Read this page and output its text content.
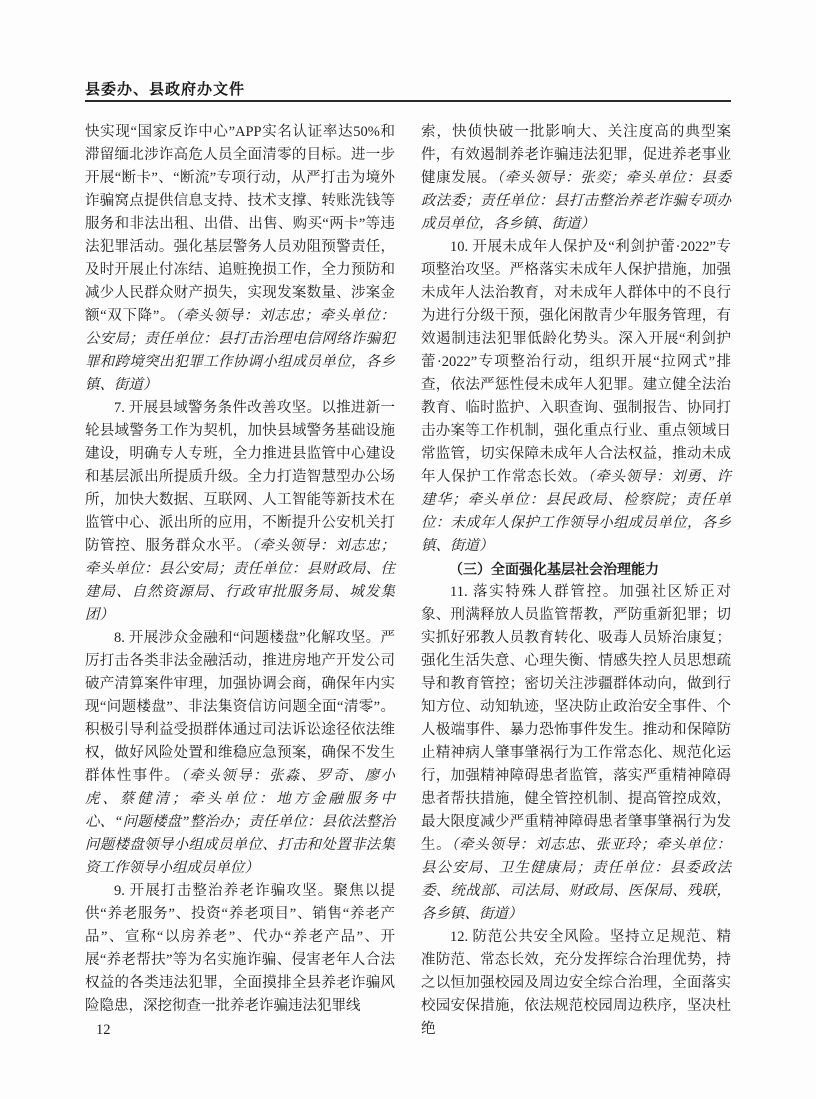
县委办、县政府办文件

快实现“国家反诈中心”APP实名认证率达50%和滞留缅北涉诈高危人员全面清零的目标。进一步开展“断卡”、“断流”专项行动，从严打击为境外诈骗窝点提供信息支持、技术支撑、转账洗钱等服务和非法出租、出借、出售、购买“两卡”等违法犯罪活动。强化基层警务人员劝阻预警责任，及时开展止付冻结、追赃挽损工作，全力预防和减少人民群众财产损失，实现发案数量、涉案金额“双下降”。（牵头领导：刘志忠；牵头单位：公安局；责任单位：县打击治理电信网络诈骗犯罪和跨境突出犯罪工作协调小组成员单位，各乡镇、街道）

7. 开展县域警务条件改善攻坚。以推进新一轮县域警务工作为契机，加快县域警务基础设施建设，明确专人专班，全力推进县监管中心建设和基层派出所提质升级。全力打造智慧型办公场所，加快大数据、互联网、人工智能等新技术在监管中心、派出所的应用，不断提升公安机关打防管控、服务群众水平。（牵头领导：刘志忠；牵头单位：县公安局；责任单位：县财政局、住建局、自然资源局、行政审批服务局、城发集团）

8. 开展涉众金融和“问题楼盘”化解攻坚。严厉打击各类非法金融活动，推进房地产开发公司破产清算案件审理，加强协调会商，确保年内实现“问题楼盘”、非法集资信访问题全面“清零”。积极引导利益受损群体通过司法诉讼途径依法维权，做好风险处置和维稳应急预案，确保不发生群体性事件。（牵头领导：张淼、罗奇、廖小虎、蔡健清；牵头单位：地方金融服务中心、“问题楼盘”整治办；责任单位：县依法整治问题楼盘领导小组成员单位、打击和处置非法集资工作领导小组成员单位）

9. 开展打击整治养老诈骗攻坚。聚焦以提供“养老服务”、投资“养老项目”、销售“养老产品”、宣称“以房养老”、代办“养老产品”、开展“养老帮扶”等为名实施诈骗、侵害老年人合法权益的各类违法犯罪，全面摸排全县养老诈骗风险隐患，深挖彻查一批养老诈骗违法犯罪线

索，快侦快破一批影响大、关注度高的典型案件，有效遏制养老诈骗违法犯罪，促进养老事业健康发展。（牵头领导：张奕；牵头单位：县委政法委；责任单位：县打击整治养老诈骗专项办成员单位，各乡镇、街道）

10. 开展未成年人保护及“利剑护蕾·2022”专项整治攻坚。严格落实未成年人保护措施，加强未成年人法治教育，对未成年人群体中的不良行为进行分级干预，强化闲散青少年服务管理，有效遏制违法犯罪低龄化势头。深入开展“利剑护蕾·2022”专项整治行动，组织开展“拉网式”排查，依法严惩性侵未成年人犯罪。建立健全法治教育、临时监护、入职查询、强制报告、协同打击办案等工作机制，强化重点行业、重点领域日常监管，切实保障未成年人合法权益，推动未成年人保护工作常态长效。（牵头领导：刘勇、许建华；牵头单位：县民政局、检察院；责任单位：未成年人保护工作领导小组成员单位，各乡镇、街道）

（三）全面强化基层社会治理能力

11. 落实特殊人群管控。加强社区矫正对象、刑满释放人员监管帮教，严防重新犯罪；切实抓好邪教人员教育转化、吸毒人员矫治康复；强化生活失意、心理失衡、情感失控人员思想疏导和教育管控；密切关注涉疆群体动向，做到行知方位、动知轨迹，坚决防止政治安全事件、个人极端事件、暴力恐怖事件发生。推动和保障防止精神病人肇事肇祸行为工作常态化、规范化运行，加强精神障碍患者监管，落实严重精神障碍患者帮扶措施，健全管控机制、提高管控成效，最大限度减少严重精神障碍患者肇事肇祸行为发生。（牵头领导：刘志忠、张亚玲；牵头单位：县公安局、卫生健康局；责任单位：县委政法委、统战部、司法局、财政局、医保局、残联，各乡镇、街道）

12. 防范公共安全风险。坚持立足规范、精准防范、常态长效，充分发挥综合治理优势，持之以恒加强校园及周边安全综合治理，全面落实校园安保措施，依法规范校园周边秩序，坚决杜绝

12
